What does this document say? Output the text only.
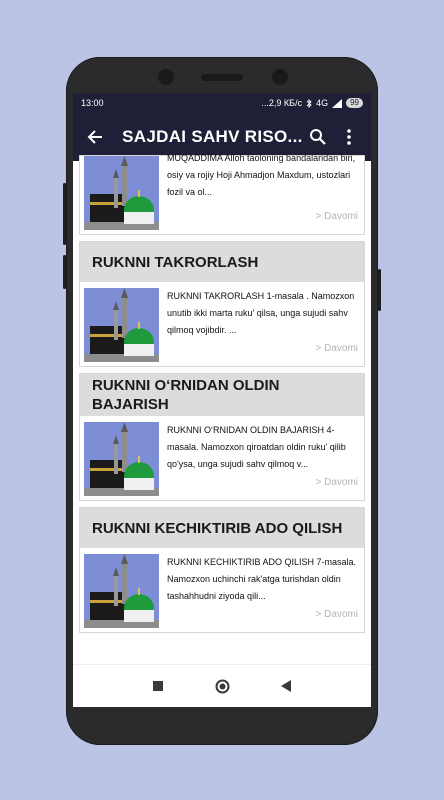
13:00	...2,9 КБ/с 4G	99
SAJDAI SAHV RISO...
MUQADDIMA Alloh taoloning bandalaridan biri, osiy va rojiy Hoji Ahmadjon Maxdum, ustozlari fozil va ol...
> Davomi
RUKNNI TAKRORLASH
RUKNNI TAKRORLASH 1-masala . Namozxon unutib ikki marta ruku' qilsa, unga sujudi sahv qilmoq vojibdir. ...
> Davomi
RUKNNI O‘RNIDAN OLDIN BAJARISH
RUKNNI O‘RNIDAN OLDIN BAJARISH 4-masala. Namozxon qiroatdan oldin ruku' qilib qo'ysa, unga sujudi sahv qilmoq v...
> Davomi
RUKNNI KECHIKTIRIB ADO QILISH
RUKNNI KECHIKTIRIB ADO QILISH 7-masala. Namozxon uchinchi rak'atga turishdan oldin tashahhudni ziyoda qili...
> Davomi
